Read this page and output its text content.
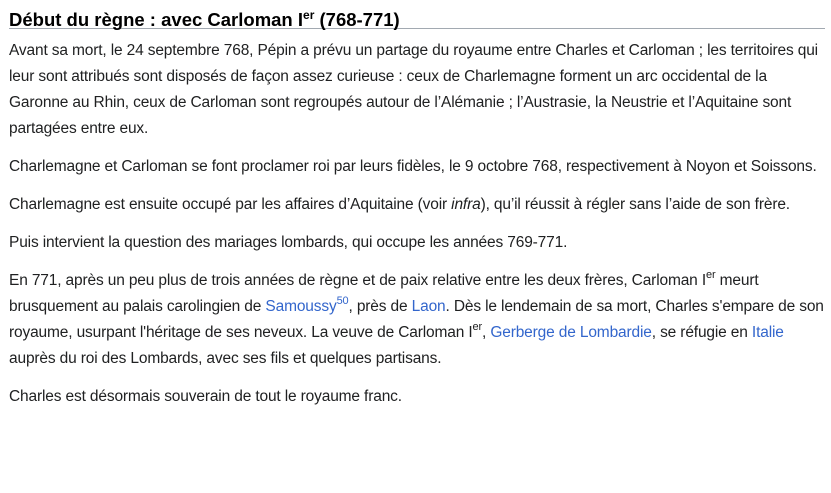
Début du règne : avec Carloman Ier (768-771)

Avant sa mort, le 24 septembre 768, Pépin a prévu un partage du royaume entre Charles et Carloman ; les territoires qui leur sont attribués sont disposés de façon assez curieuse : ceux de Charlemagne forment un arc occidental de la Garonne au Rhin, ceux de Carloman sont regroupés autour de l’Alémanie ; l’Austrasie, la Neustrie et l’Aquitaine sont partagées entre eux.

Charlemagne et Carloman se font proclamer roi par leurs fidèles, le 9 octobre 768, respectivement à Noyon et Soissons.

Charlemagne est ensuite occupé par les affaires d’Aquitaine (voir infra), qu’il réussit à régler sans l’aide de son frère.

Puis intervient la question des mariages lombards, qui occupe les années 769-771.

En 771, après un peu plus de trois années de règne et de paix relative entre les deux frères, Carloman Ier meurt brusquement au palais carolingien de Samoussy$^{50}$, près de Laon. Dès le lendemain de sa mort, Charles s'empare de son royaume, usurpant l'héritage de ses neveux. La veuve de Carloman Ier, Gerberge de Lombardie, se réfugie en Italie auprès du roi des Lombards, avec ses fils et quelques partisans.

Charles est désormais souverain de tout le royaume franc.
